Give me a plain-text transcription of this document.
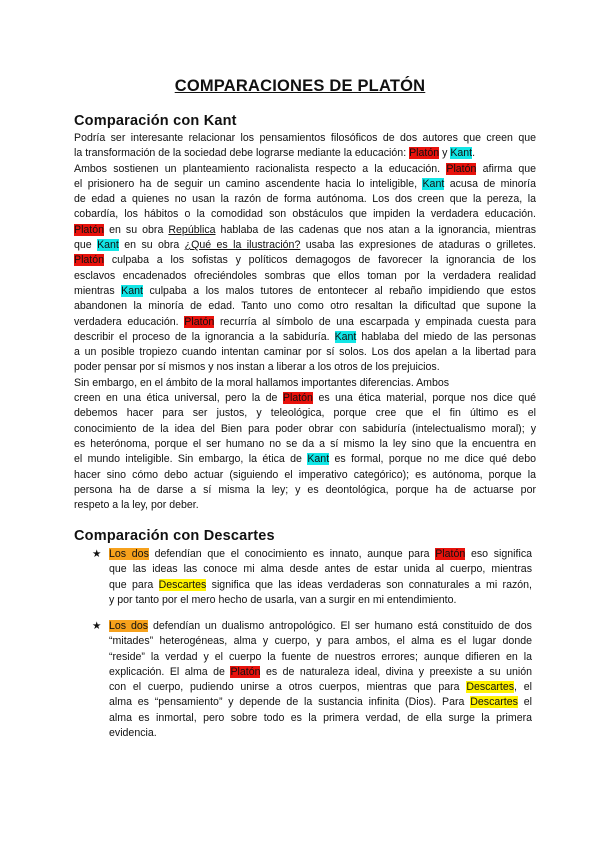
COMPARACIONES DE PLATÓN
Comparación con Kant
Podría ser interesante relacionar los pensamientos filosóficos de dos autores que creen que
la transformación de la sociedad debe lograrse mediante la educación: Platón y Kant.
Ambos sostienen un planteamiento racionalista respecto a la educación. Platón afirma que
el prisionero ha de seguir un camino ascendente hacia lo inteligible, Kant acusa de minoría
de edad a quienes no usan la razón de forma autónoma. Los dos creen que la pereza, la
cobardía, los hábitos o la comodidad son obstáculos que impiden la verdadera educación.
Platón en su obra República hablaba de las cadenas que nos atan a la ignorancia, mientras
que Kant en su obra ¿Qué es la ilustración? usaba las expresiones de ataduras o grilletes.
Platón culpaba a los sofistas y políticos demagogos de favorecer la ignorancia de los
esclavos encadenados ofreciéndoles sombras que ellos toman por la verdadera realidad
mientras Kant culpaba a los malos tutores de entontecer al rebaño impidiendo que estos
abandonen la minoría de edad. Tanto uno como otro resaltan la dificultad que supone la
verdadera educación. Platón recurría al símbolo de una escarpada y empinada cuesta para
describir el proceso de la ignorancia a la sabiduría. Kant hablaba del miedo de las personas
a un posible tropiezo cuando intentan caminar por sí solos. Los dos apelan a la libertad para
poder pensar por sí mismos y nos instan a liberar a los otros de los prejuicios.
Sin embargo, en el ámbito de la moral hallamos importantes diferencias. Ambos
creen en una ética universal, pero la de Platón es una ética material, porque nos dice qué
debemos hacer para ser justos, y teleológica, porque cree que el fin último es el
conocimiento de la idea del Bien para poder obrar con sabiduría (intelectualismo moral); y
es heterónoma, porque el ser humano no se da a sí mismo la ley sino que la encuentra en
el mundo inteligible. Sin embargo, la ética de Kant es formal, porque no me dice qué debo
hacer sino cómo debo actuar (siguiendo el imperativo categórico); es autónoma, porque la
persona ha de darse a sí misma la ley; y es deontológica, porque ha de actuarse por
respeto a la ley, por deber.
Comparación con Descartes
★ Los dos defendían que el conocimiento es innato, aunque para Platón eso significa
que las ideas las conoce mi alma desde antes de estar unida al cuerpo, mientras
que para Descartes significa que las ideas verdaderas son connaturales a mi razón,
y por tanto por el mero hecho de usarla, van a surgir en mi entendimiento.
★ Los dos defendían un dualismo antropológico. El ser humano está constituido de dos
“mitades” heterogéneas, alma y cuerpo, y para ambos, el alma es el lugar donde
“reside” la verdad y el cuerpo la fuente de nuestros errores; aunque difieren en la
explicación. El alma de Platón es de naturaleza ideal, divina y preexiste a su unión
con el cuerpo, pudiendo unirse a otros cuerpos, mientras que para Descartes, el
alma es “pensamiento” y depende de la sustancia infinita (Dios). Para Descartes el
alma es inmortal, pero sobre todo es la primera verdad, de ella surge la primera
evidencia.
